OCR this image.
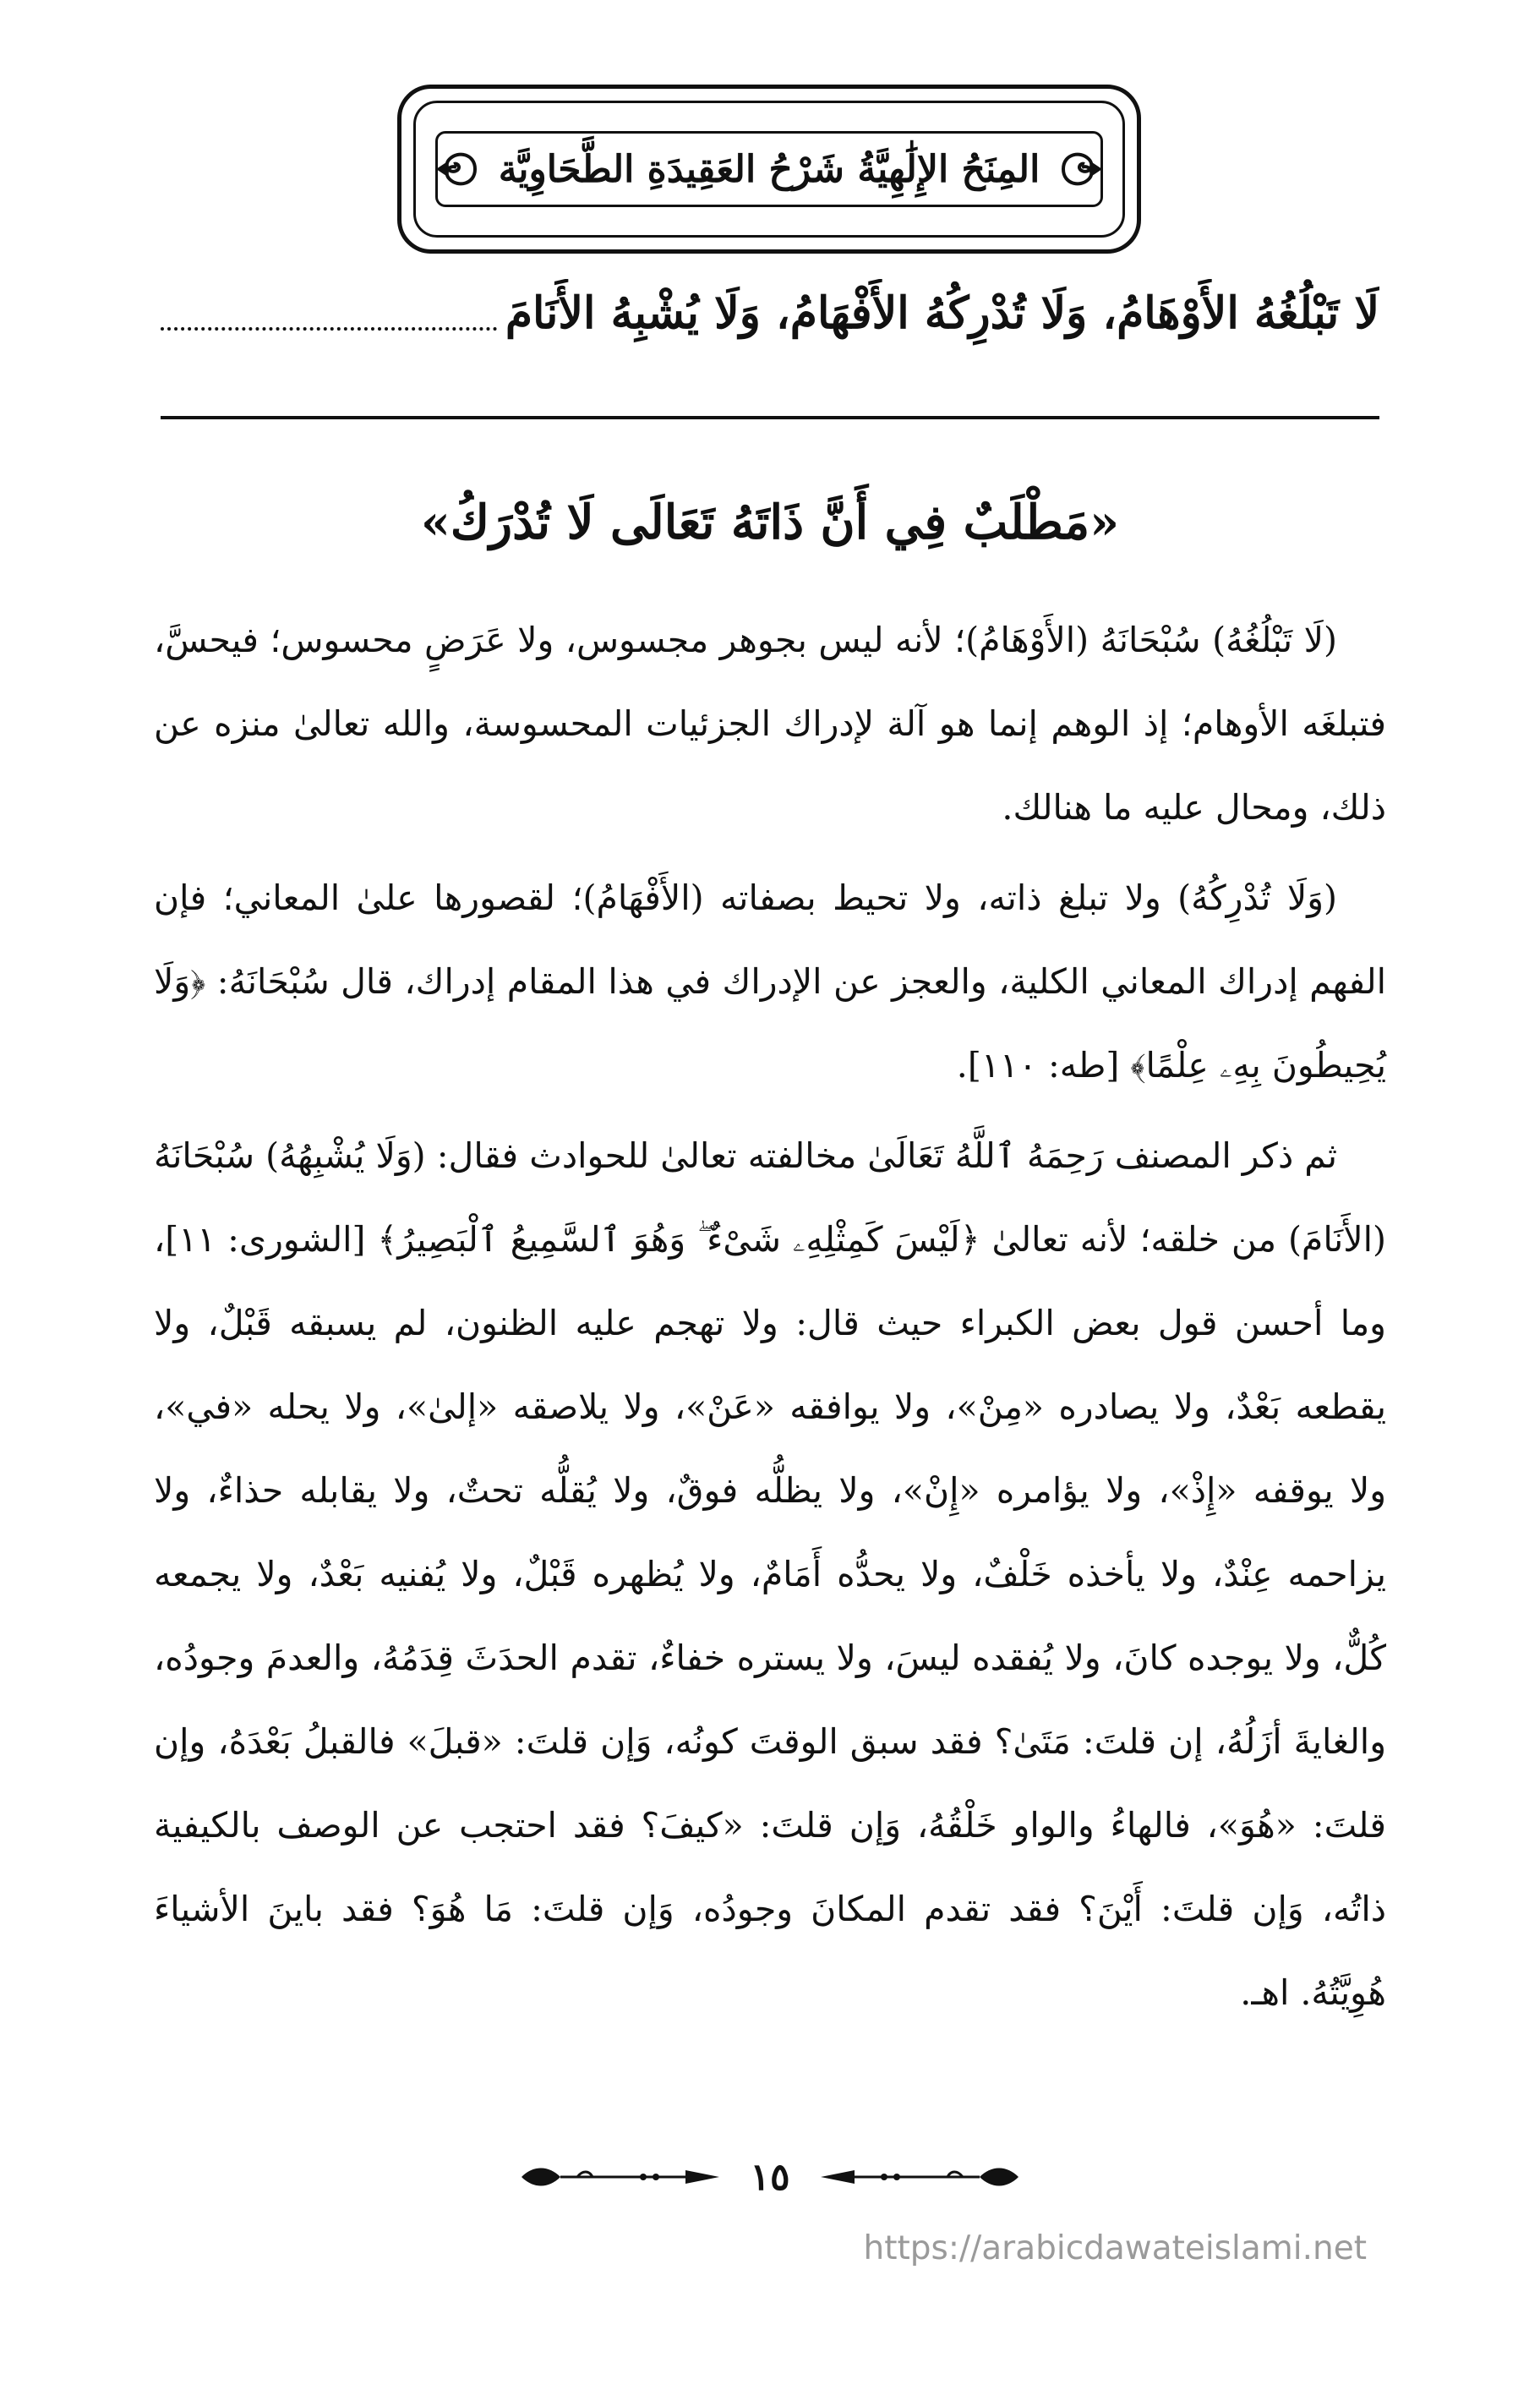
المِنَحُ الإِلَٰهِيَّةُ شَرْحُ العَقِيدَةِ الطَّحَاوِيَّة
لَا تَبْلُغُهُ الأَوْهَامُ، وَلَا تُدْرِكُهُ الأَفْهَامُ، وَلَا يُشْبِهُ الأَنَامَ
«مَطْلَبٌ فِي أَنَّ ذَاتَهُ تَعَالَى لَا تُدْرَكُ»

(لَا تَبْلُغُهُ) سُبْحَانَهُ (الأَوْهَامُ)؛ لأنه ليس بجوهر مجسوس، ولا عَرَضٍ محسوس؛ فيحسَّ، فتبلغَه الأوهام؛ إذ الوهم إنما هو آلة لإدراك الجزئيات المحسوسة، والله تعالىٰ منزه عن ذلك، ومحال عليه ما هنالك.

(وَلَا تُدْرِكُهُ) ولا تبلغ ذاته، ولا تحيط بصفاته (الأَفْهَامُ)؛ لقصورها علىٰ المعاني؛ فإن الفهم إدراك المعاني الكلية، والعجز عن الإدراك في هذا المقام إدراك، قال سُبْحَانَهُ: ﴿وَلَا يُحِيطُونَ بِهِۦ عِلْمًا﴾ [طه: ١١٠].

ثم ذكر المصنف رَحِمَهُ ٱللَّهُ تَعَالَىٰ مخالفته تعالىٰ للحوادث فقال: (وَلَا يُشْبِهُهُ) سُبْحَانَهُ (الأَنَامَ) من خلقه؛ لأنه تعالىٰ ﴿لَيْسَ كَمِثْلِهِۦ شَىْءٌ ۖ وَهُوَ ٱلسَّمِيعُ ٱلْبَصِيرُ﴾ [الشورى: ١١]، وما أحسن قول بعض الكبراء حيث قال: ولا تهجم عليه الظنون، لم يسبقه قَبْلٌ، ولا يقطعه بَعْدٌ، ولا يصادره «مِنْ»، ولا يوافقه «عَنْ»، ولا يلاصقه «إلىٰ»، ولا يحله «في»، ولا يوقفه «إِذْ»، ولا يؤامره «إِنْ»، ولا يظلُّه فوقٌ، ولا يُقلُّه تحتٌ، ولا يقابله حذاءٌ، ولا يزاحمه عِنْدٌ، ولا يأخذه خَلْفٌ، ولا يحدُّه أَمَامٌ، ولا يُظهره قَبْلٌ، ولا يُفنيه بَعْدٌ، ولا يجمعه كُلٌّ، ولا يوجده كانَ، ولا يُفقده ليسَ، ولا يستره خفاءٌ، تقدم الحدَثَ قِدَمُهُ، والعدمَ وجودُه، والغايةَ أزَلُهُ، إن قلتَ: مَتَىٰ؟ فقد سبق الوقتَ كونُه، وَإن قلتَ: «قبلَ» فالقبلُ بَعْدَهُ، وإن قلتَ: «هُوَ»، فالهاءُ والواو خَلْقُهُ، وَإن قلتَ: «كيفَ؟ فقد احتجب عن الوصف بالكيفية ذاتُه، وَإن قلتَ: أَيْنَ؟ فقد تقدم المكانَ وجودُه، وَإن قلتَ: مَا هُوَ؟ فقد باينَ الأشياءَ هُوِيَّتُهُ. اهـ.

١٥
https://arabicdawateislami.net
